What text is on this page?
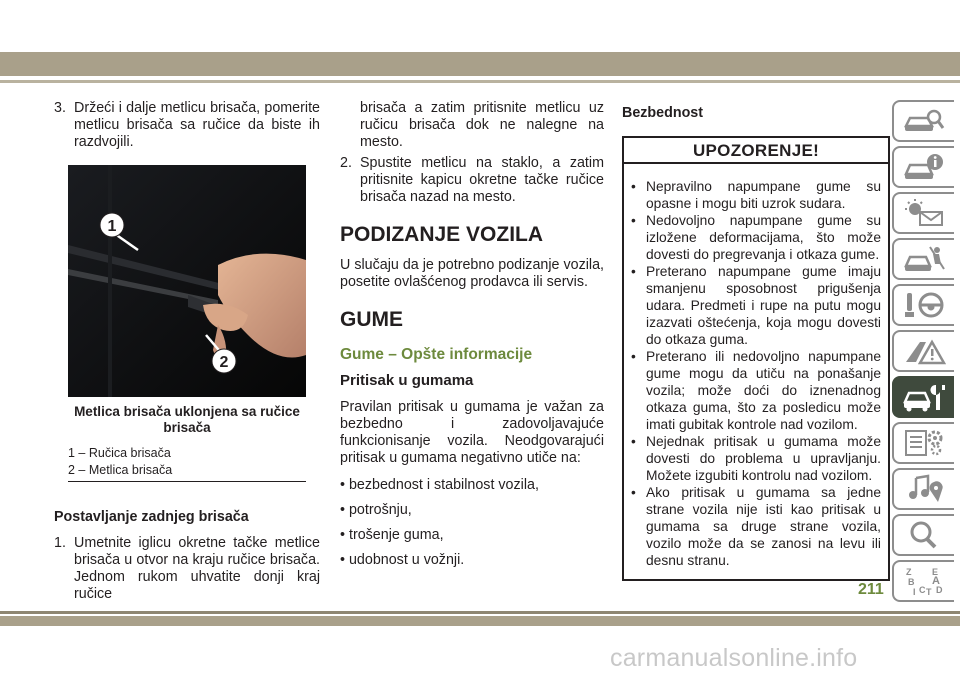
3. Držeći i dalje metlicu brisača, pomerite metlicu brisača sa ručice da biste ih razdvojili.
1
2
Metlica brisača uklonjena sa ručice brisača
1 – Ručica brisača
2 – Metlica brisača
Postavljanje zadnjeg brisača
1. Umetnite iglicu okretne tačke metlice brisača u otvor na kraju ručice brisača. Jednom rukom uhvatite donji kraj ručice

brisača a zatim pritisnite metlicu uz ručicu brisača dok ne nalegne na mesto.

2. Spustite metlicu na staklo, a zatim pritisnite kapicu okretne tačke ručice brisača nazad na mesto.
PODIZANJE VOZILA

U slučaju da je potrebno podizanje vozila, posetite ovlašćenog prodavca ili servis.

GUME
Gume – Opšte informacije
Pritisak u gumama

Pravilan pritisak u gumama je važan za bezbedno i zadovoljavajuće funkcionisanje vozila. Neodgovarajući pritisak u gumama negativno utiče na:

• bezbednost i stabilnost vozila,

• potrošnju,

• trošenje guma,

• udobnost u vožnji.

Bezbednost
UPOZORENJE!
• Nepravilno napumpane gume su opasne i mogu biti uzrok sudara.
• Nedovoljno napumpane gume su izložene deformacijama, što može dovesti do pregrevanja i otkaza gume.
• Preterano napumpane gume imaju smanjenu sposobnost prigušenja udara. Predmeti i rupe na putu mogu izazvati oštećenja, koja mogu dovesti do otkaza guma.
• Preterano ili nedovoljno napumpane gume mogu da utiču na ponašanje vozila; može doći do iznenadnog otkaza guma, što za posledicu može imati gubitak kontrole nad vozilom.
• Nejednak pritisak u gumama može dovesti do problema u upravljanju. Možete izgubiti kontrolu nad vozilom.
• Ako pritisak u gumama sa jedne strane vozila nije isti kao pritisak u gumama sa druge strane vozila, vozilo može da se zanosi na levu ili desnu stranu.
Z E
B A
D
C
I T
211
carmanualsonline.info
